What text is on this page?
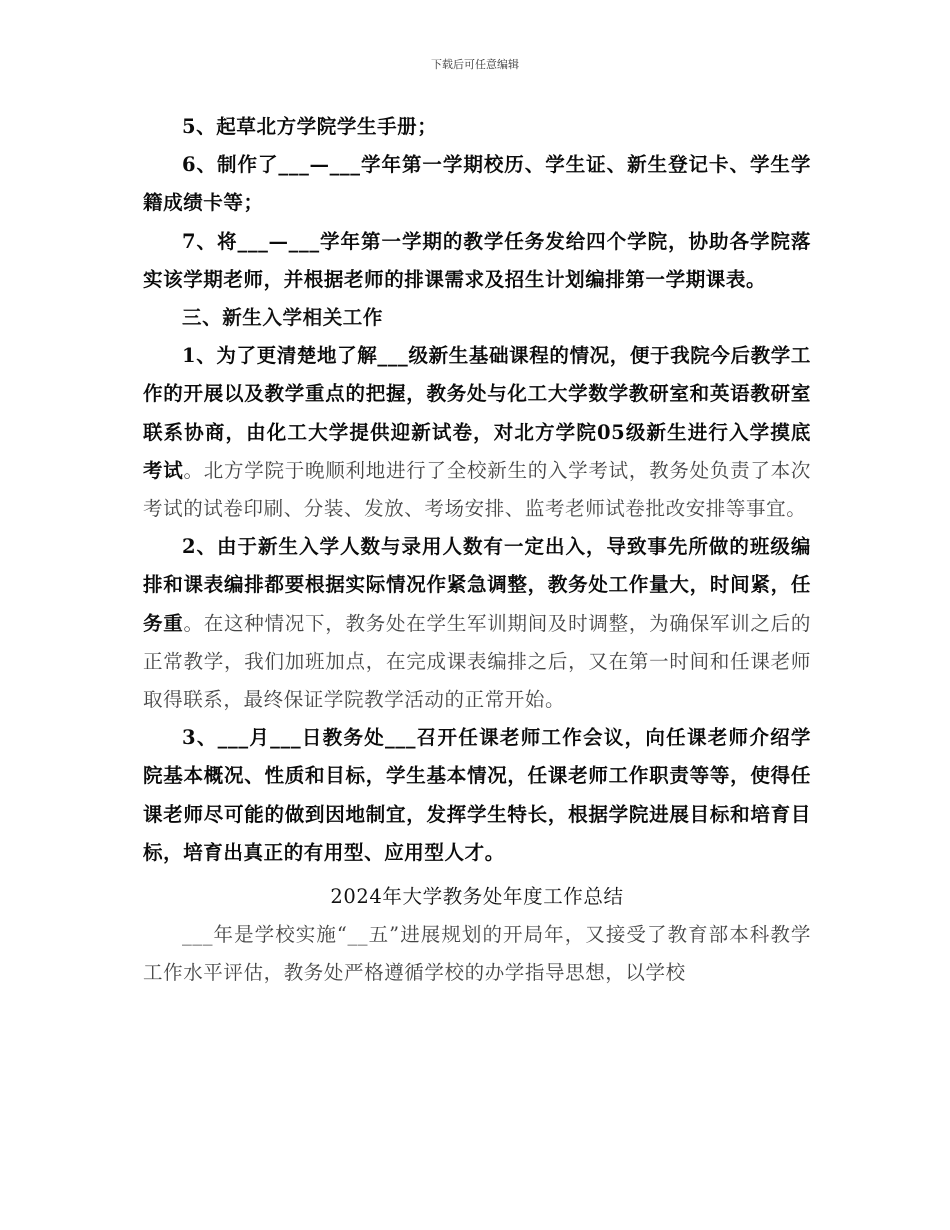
下载后可任意编辑

5、起草北方学院学生手册；

6、制作了___—___学年第一学期校历、学生证、新生登记卡、学生学籍成绩卡等；

7、将___—___学年第一学期的教学任务发给四个学院，协助各学院落实该学期老师，并根据老师的排课需求及招生计划编排第一学期课表。

三、新生入学相关工作

1、为了更清楚地了解___级新生基础课程的情况，便于我院今后教学工作的开展以及教学重点的把握，教务处与化工大学数学教研室和英语教研室联系协商，由化工大学提供迎新试卷，对北方学院05级新生进行入学摸底考试。北方学院于晚顺利地进行了全校新生的入学考试，教务处负责了本次考试的试卷印刷、分装、发放、考场安排、监考老师试卷批改安排等事宜。

2、由于新生入学人数与录用人数有一定出入，导致事先所做的班级编排和课表编排都要根据实际情况作紧急调整，教务处工作量大，时间紧，任务重。在这种情况下，教务处在学生军训期间及时调整，为确保军训之后的正常教学，我们加班加点，在完成课表编排之后，又在第一时间和任课老师取得联系，最终保证学院教学活动的正常开始。

3、___月___日教务处___召开任课老师工作会议，向任课老师介绍学院基本概况、性质和目标，学生基本情况，任课老师工作职责等等，使得任课老师尽可能的做到因地制宜，发挥学生特长，根据学院进展目标和培育目标，培育出真正的有用型、应用型人才。

2024年大学教务处年度工作总结

___年是学校实施“__五”进展规划的开局年，又接受了教育部本科教学工作水平评估，教务处严格遵循学校的办学指导思想，以学校
